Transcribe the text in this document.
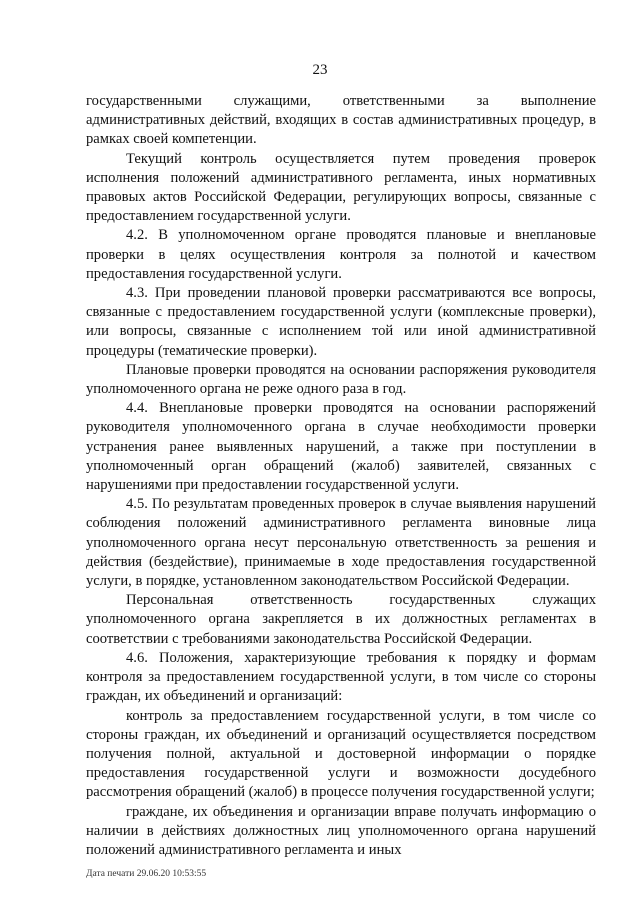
23

государственными служащими, ответственными за выполнение административных действий, входящих в состав административных процедур, в рамках своей компетенции.

Текущий контроль осуществляется путем проведения проверок исполнения положений административного регламента, иных нормативных правовых актов Российской Федерации, регулирующих вопросы, связанные с предоставлением государственной услуги.

4.2. В уполномоченном органе проводятся плановые и внеплановые проверки в целях осуществления контроля за полнотой и качеством предоставления государственной услуги.

4.3. При проведении плановой проверки рассматриваются все вопросы, связанные с предоставлением государственной услуги (комплексные проверки), или вопросы, связанные с исполнением той или иной административной процедуры (тематические проверки).

Плановые проверки проводятся на основании распоряжения руководителя уполномоченного органа не реже одного раза в год.

4.4. Внеплановые проверки проводятся на основании распоряжений руководителя уполномоченного органа в случае необходимости проверки устранения ранее выявленных нарушений, а также при поступлении в уполномоченный орган обращений (жалоб) заявителей, связанных с нарушениями при предоставлении государственной услуги.

4.5. По результатам проведенных проверок в случае выявления нарушений соблюдения положений административного регламента виновные лица уполномоченного органа несут персональную ответственность за решения и действия (бездействие), принимаемые в ходе предоставления государственной услуги, в порядке, установленном законодательством Российской Федерации.

Персональная ответственность государственных служащих уполномоченного органа закрепляется в их должностных регламентах в соответствии с требованиями законодательства Российской Федерации.

4.6. Положения, характеризующие требования к порядку и формам контроля за предоставлением государственной услуги, в том числе со стороны граждан, их объединений и организаций:

контроль за предоставлением государственной услуги, в том числе со стороны граждан, их объединений и организаций осуществляется посредством получения полной, актуальной и достоверной информации о порядке предоставления государственной услуги и возможности досудебного рассмотрения обращений (жалоб) в процессе получения государственной услуги;

граждане, их объединения и организации вправе получать информацию о наличии в действиях должностных лиц уполномоченного органа нарушений положений административного регламента и иных

Дата печати 29.06.20 10:53:55
